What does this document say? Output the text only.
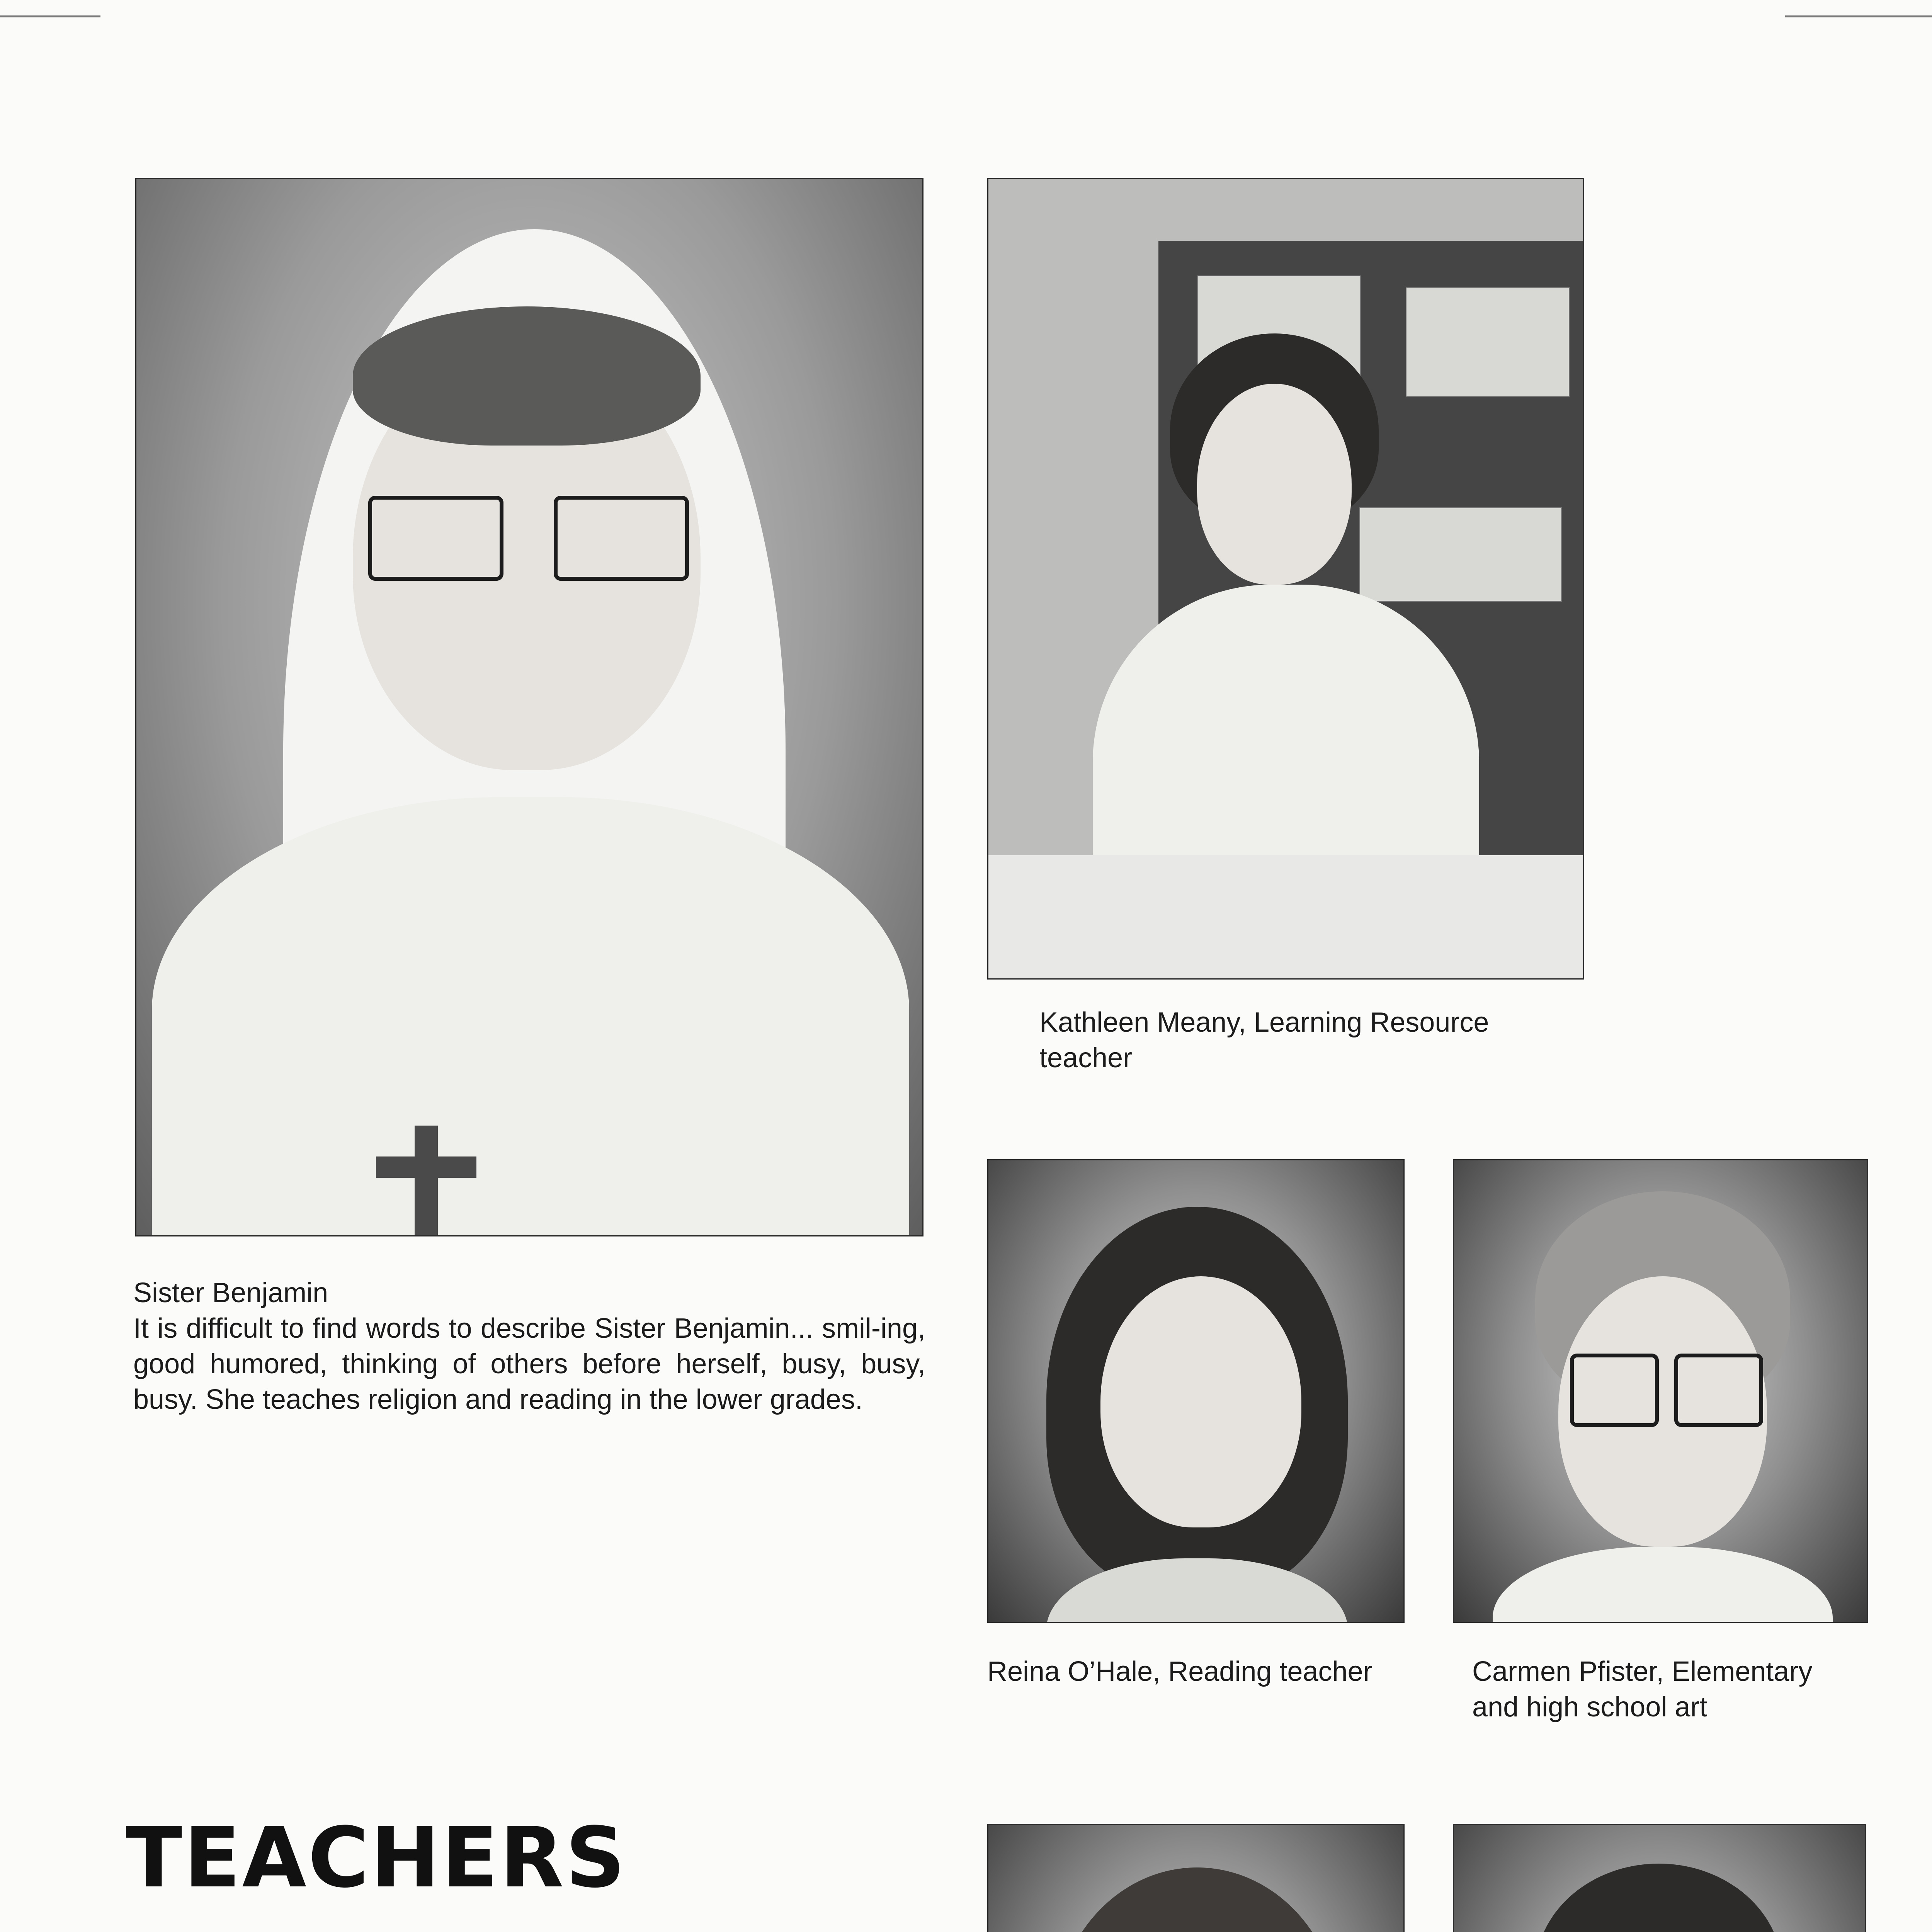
Sister Benjamin

It is difficult to find words to describe Sister Benjamin... smil-ing, good humored, thinking of others before herself, busy, busy, busy. She teaches religion and reading in the lower grades.

Kathleen Meany, Learning Resource teacher

Reina O’Hale, Reading teacher	Carmen Pfister, Elementary and high school art

TEACHERS
